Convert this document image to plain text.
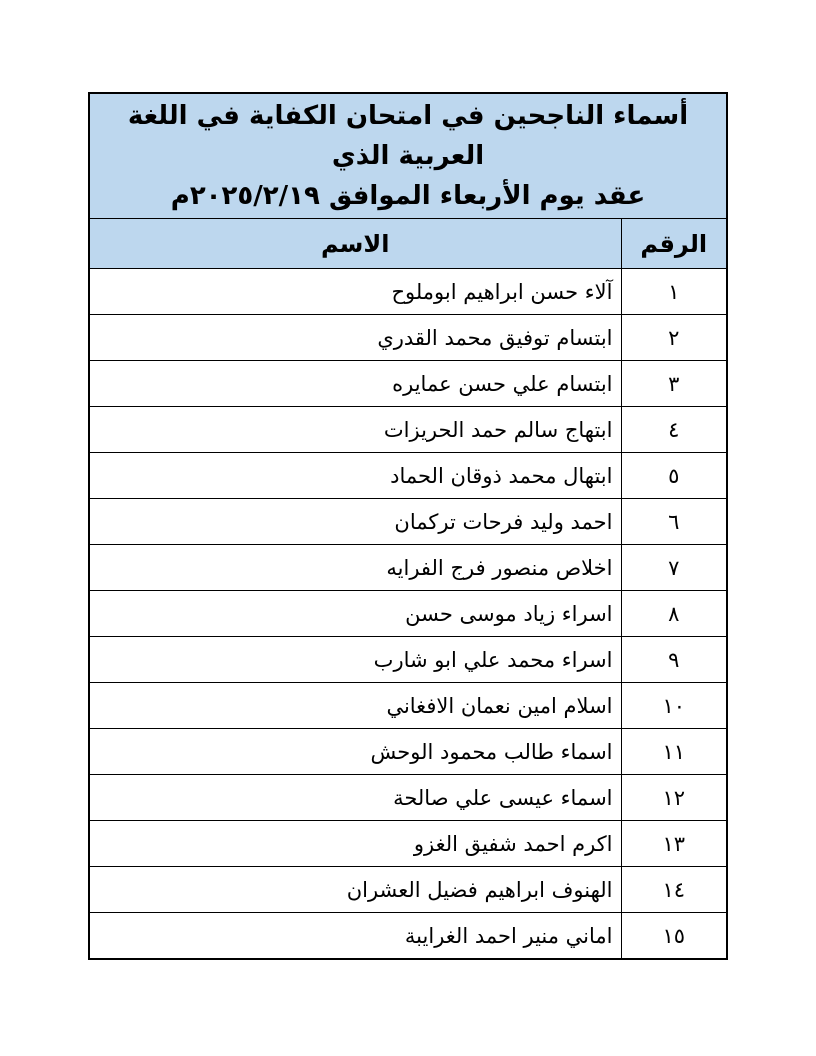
أسماء الناجحين في امتحان الكفاية في اللغة العربية الذي
عقد يوم الأربعاء الموافق ٢٠٢٥/٢/١٩م	

الرقم	الاسم
١	آلاء حسن ابراهيم ابوملوح
٢	ابتسام توفيق محمد القدري
٣	ابتسام علي حسن عمايره
٤	ابتهاج سالم حمد الحريزات
٥	ابتهال محمد ذوقان الحماد
٦	احمد وليد فرحات تركمان
٧	اخلاص منصور فرج الفرايه
٨	اسراء زياد موسى حسن
٩	اسراء محمد علي ابو شارب
١٠	اسلام امين نعمان الافغاني
١١	اسماء طالب محمود الوحش
١٢	اسماء عيسى علي صالحة
١٣	اكرم احمد شفيق الغزو
١٤	الهنوف ابراهيم فضيل العشران
١٥	اماني منير احمد الغرايبة
